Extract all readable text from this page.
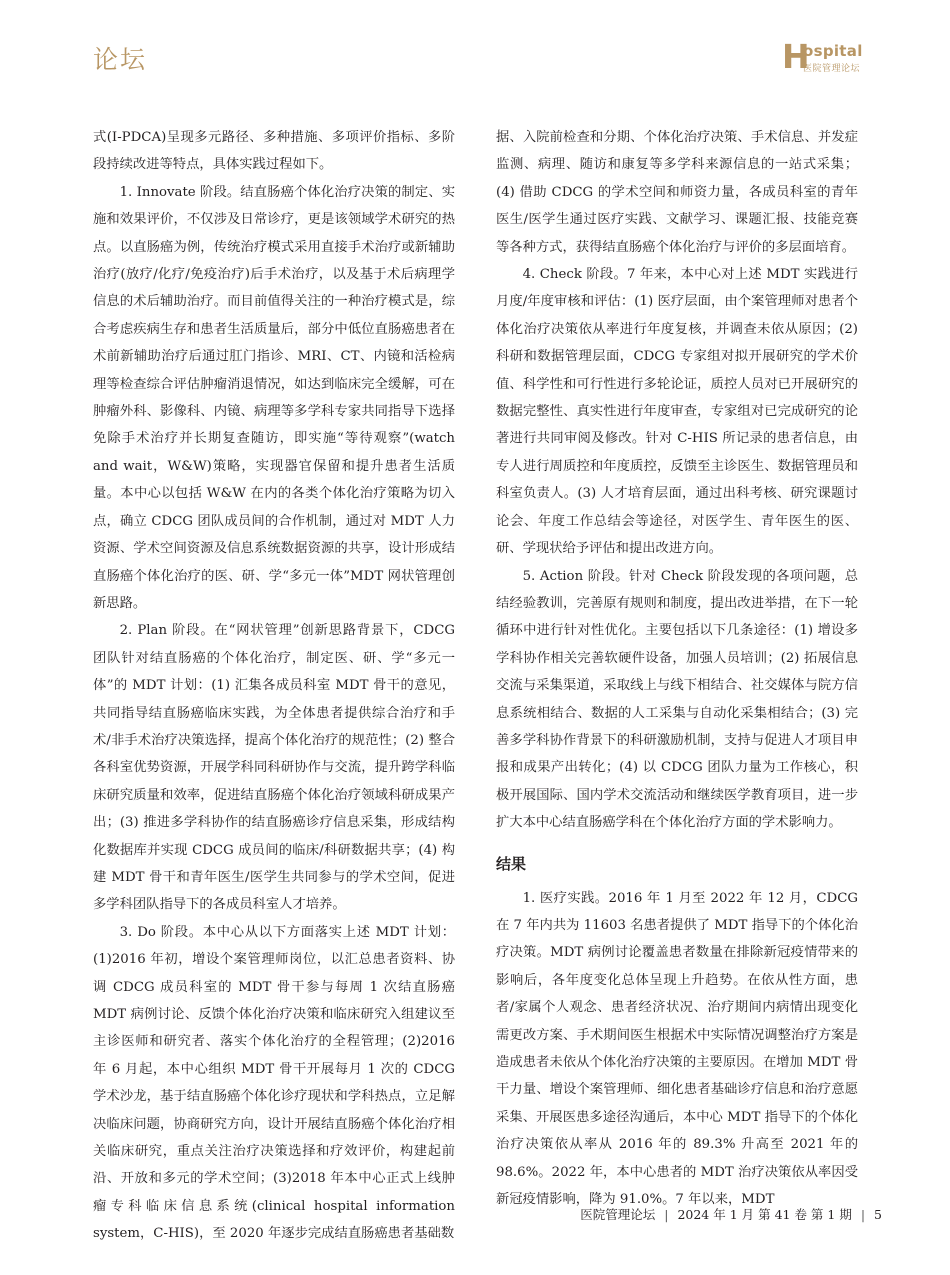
论坛	H
ospital
医院管理论坛

式(I-PDCA)呈现多元路径、多种措施、多项评价指标、多阶段持续改进等特点，具体实践过程如下。

1. Innovate 阶段。结直肠癌个体化治疗决策的制定、实施和效果评价，不仅涉及日常诊疗，更是该领域学术研究的热点。以直肠癌为例，传统治疗模式采用直接手术治疗或新辅助治疗(放疗/化疗/免疫治疗)后手术治疗，以及基于术后病理学信息的术后辅助治疗。而目前值得关注的一种治疗模式是，综合考虑疾病生存和患者生活质量后，部分中低位直肠癌患者在术前新辅助治疗后通过肛门指诊、MRI、CT、内镜和活检病理等检查综合评估肿瘤消退情况，如达到临床完全缓解，可在肿瘤外科、影像科、内镜、病理等多学科专家共同指导下选择免除手术治疗并长期复查随访，即实施“等待观察”(watch and wait，W&W)策略，实现器官保留和提升患者生活质量。本中心以包括 W&W 在内的各类个体化治疗策略为切入点，确立 CDCG 团队成员间的合作机制，通过对 MDT 人力资源、学术空间资源及信息系统数据资源的共享，设计形成结直肠癌个体化治疗的医、研、学“多元一体”MDT 网状管理创新思路。

2. Plan 阶段。在“网状管理”创新思路背景下，CDCG 团队针对结直肠癌的个体化治疗，制定医、研、学“多元一体”的 MDT 计划：(1) 汇集各成员科室 MDT 骨干的意见，共同指导结直肠癌临床实践，为全体患者提供综合治疗和手术/非手术治疗决策选择，提高个体化治疗的规范性；(2) 整合各科室优势资源，开展学科同科研协作与交流，提升跨学科临床研究质量和效率，促进结直肠癌个体化治疗领域科研成果产出；(3) 推进多学科协作的结直肠癌诊疗信息采集，形成结构化数据库并实现 CDCG 成员间的临床/科研数据共享；(4) 构建 MDT 骨干和青年医生/医学生共同参与的学术空间，促进多学科团队指导下的各成员科室人才培养。

3. Do 阶段。本中心从以下方面落实上述 MDT 计划：(1)2016 年初，增设个案管理师岗位，以汇总患者资料、协调 CDCG 成员科室的 MDT 骨干参与每周 1 次结直肠癌 MDT 病例讨论、反馈个体化治疗决策和临床研究入组建议至主诊医师和研究者、落实个体化治疗的全程管理；(2)2016 年 6 月起，本中心组织 MDT 骨干开展每月 1 次的 CDCG 学术沙龙，基于结直肠癌个体化诊疗现状和学科热点，立足解决临床问题，协商研究方向，设计开展结直肠癌个体化治疗相关临床研究，重点关注治疗决策选择和疗效评价，构建起前沿、开放和多元的学术空间；(3)2018 年本中心正式上线肿瘤专科临床信息系统(clinical hospital information system，C-HIS)，至 2020 年逐步完成结直肠癌患者基础数

据、入院前检查和分期、个体化治疗决策、手术信息、并发症监测、病理、随访和康复等多学科来源信息的一站式采集；(4) 借助 CDCG 的学术空间和师资力量，各成员科室的青年医生/医学生通过医疗实践、文献学习、课题汇报、技能竞赛等各种方式，获得结直肠癌个体化治疗与评价的多层面培育。

4. Check 阶段。7 年来，本中心对上述 MDT 实践进行月度/年度审核和评估：(1) 医疗层面，由个案管理师对患者个体化治疗决策依从率进行年度复核，并调查未依从原因；(2) 科研和数据管理层面，CDCG 专家组对拟开展研究的学术价值、科学性和可行性进行多轮论证，质控人员对已开展研究的数据完整性、真实性进行年度审查，专家组对已完成研究的论著进行共同审阅及修改。针对 C-HIS 所记录的患者信息，由专人进行周质控和年度质控，反馈至主诊医生、数据管理员和科室负责人。(3) 人才培育层面，通过出科考核、研究课题讨论会、年度工作总结会等途径，对医学生、青年医生的医、研、学现状给予评估和提出改进方向。

5. Action 阶段。针对 Check 阶段发现的各项问题，总结经验教训，完善原有规则和制度，提出改进举措，在下一轮循环中进行针对性优化。主要包括以下几条途径：(1) 增设多学科协作相关完善软硬件设备，加强人员培训；(2) 拓展信息交流与采集渠道，采取线上与线下相结合、社交媒体与院方信息系统相结合、数据的人工采集与自动化采集相结合；(3) 完善多学科协作背景下的科研激励机制，支持与促进人才项目申报和成果产出转化；(4) 以 CDCG 团队力量为工作核心，积极开展国际、国内学术交流活动和继续医学教育项目，进一步扩大本中心结直肠癌学科在个体化治疗方面的学术影响力。

结果

1. 医疗实践。2016 年 1 月至 2022 年 12 月，CDCG 在 7 年内共为 11603 名患者提供了 MDT 指导下的个体化治疗决策。MDT 病例讨论覆盖患者数量在排除新冠疫情带来的影响后，各年度变化总体呈现上升趋势。在依从性方面，患者/家属个人观念、患者经济状况、治疗期间内病情出现变化需更改方案、手术期间医生根据术中实际情况调整治疗方案是造成患者未依从个体化治疗决策的主要原因。在增加 MDT 骨干力量、增设个案管理师、细化患者基础诊疗信息和治疗意愿采集、开展医患多途径沟通后，本中心 MDT 指导下的个体化治疗决策依从率从 2016 年的 89.3% 升高至 2021 年的 98.6%。2022 年，本中心患者的 MDT 治疗决策依从率因受新冠疫情影响，降为 91.0%。7 年以来，MDT

医院管理论坛 | 2024 年 1 月 第 41 卷 第 1 期 | 5
